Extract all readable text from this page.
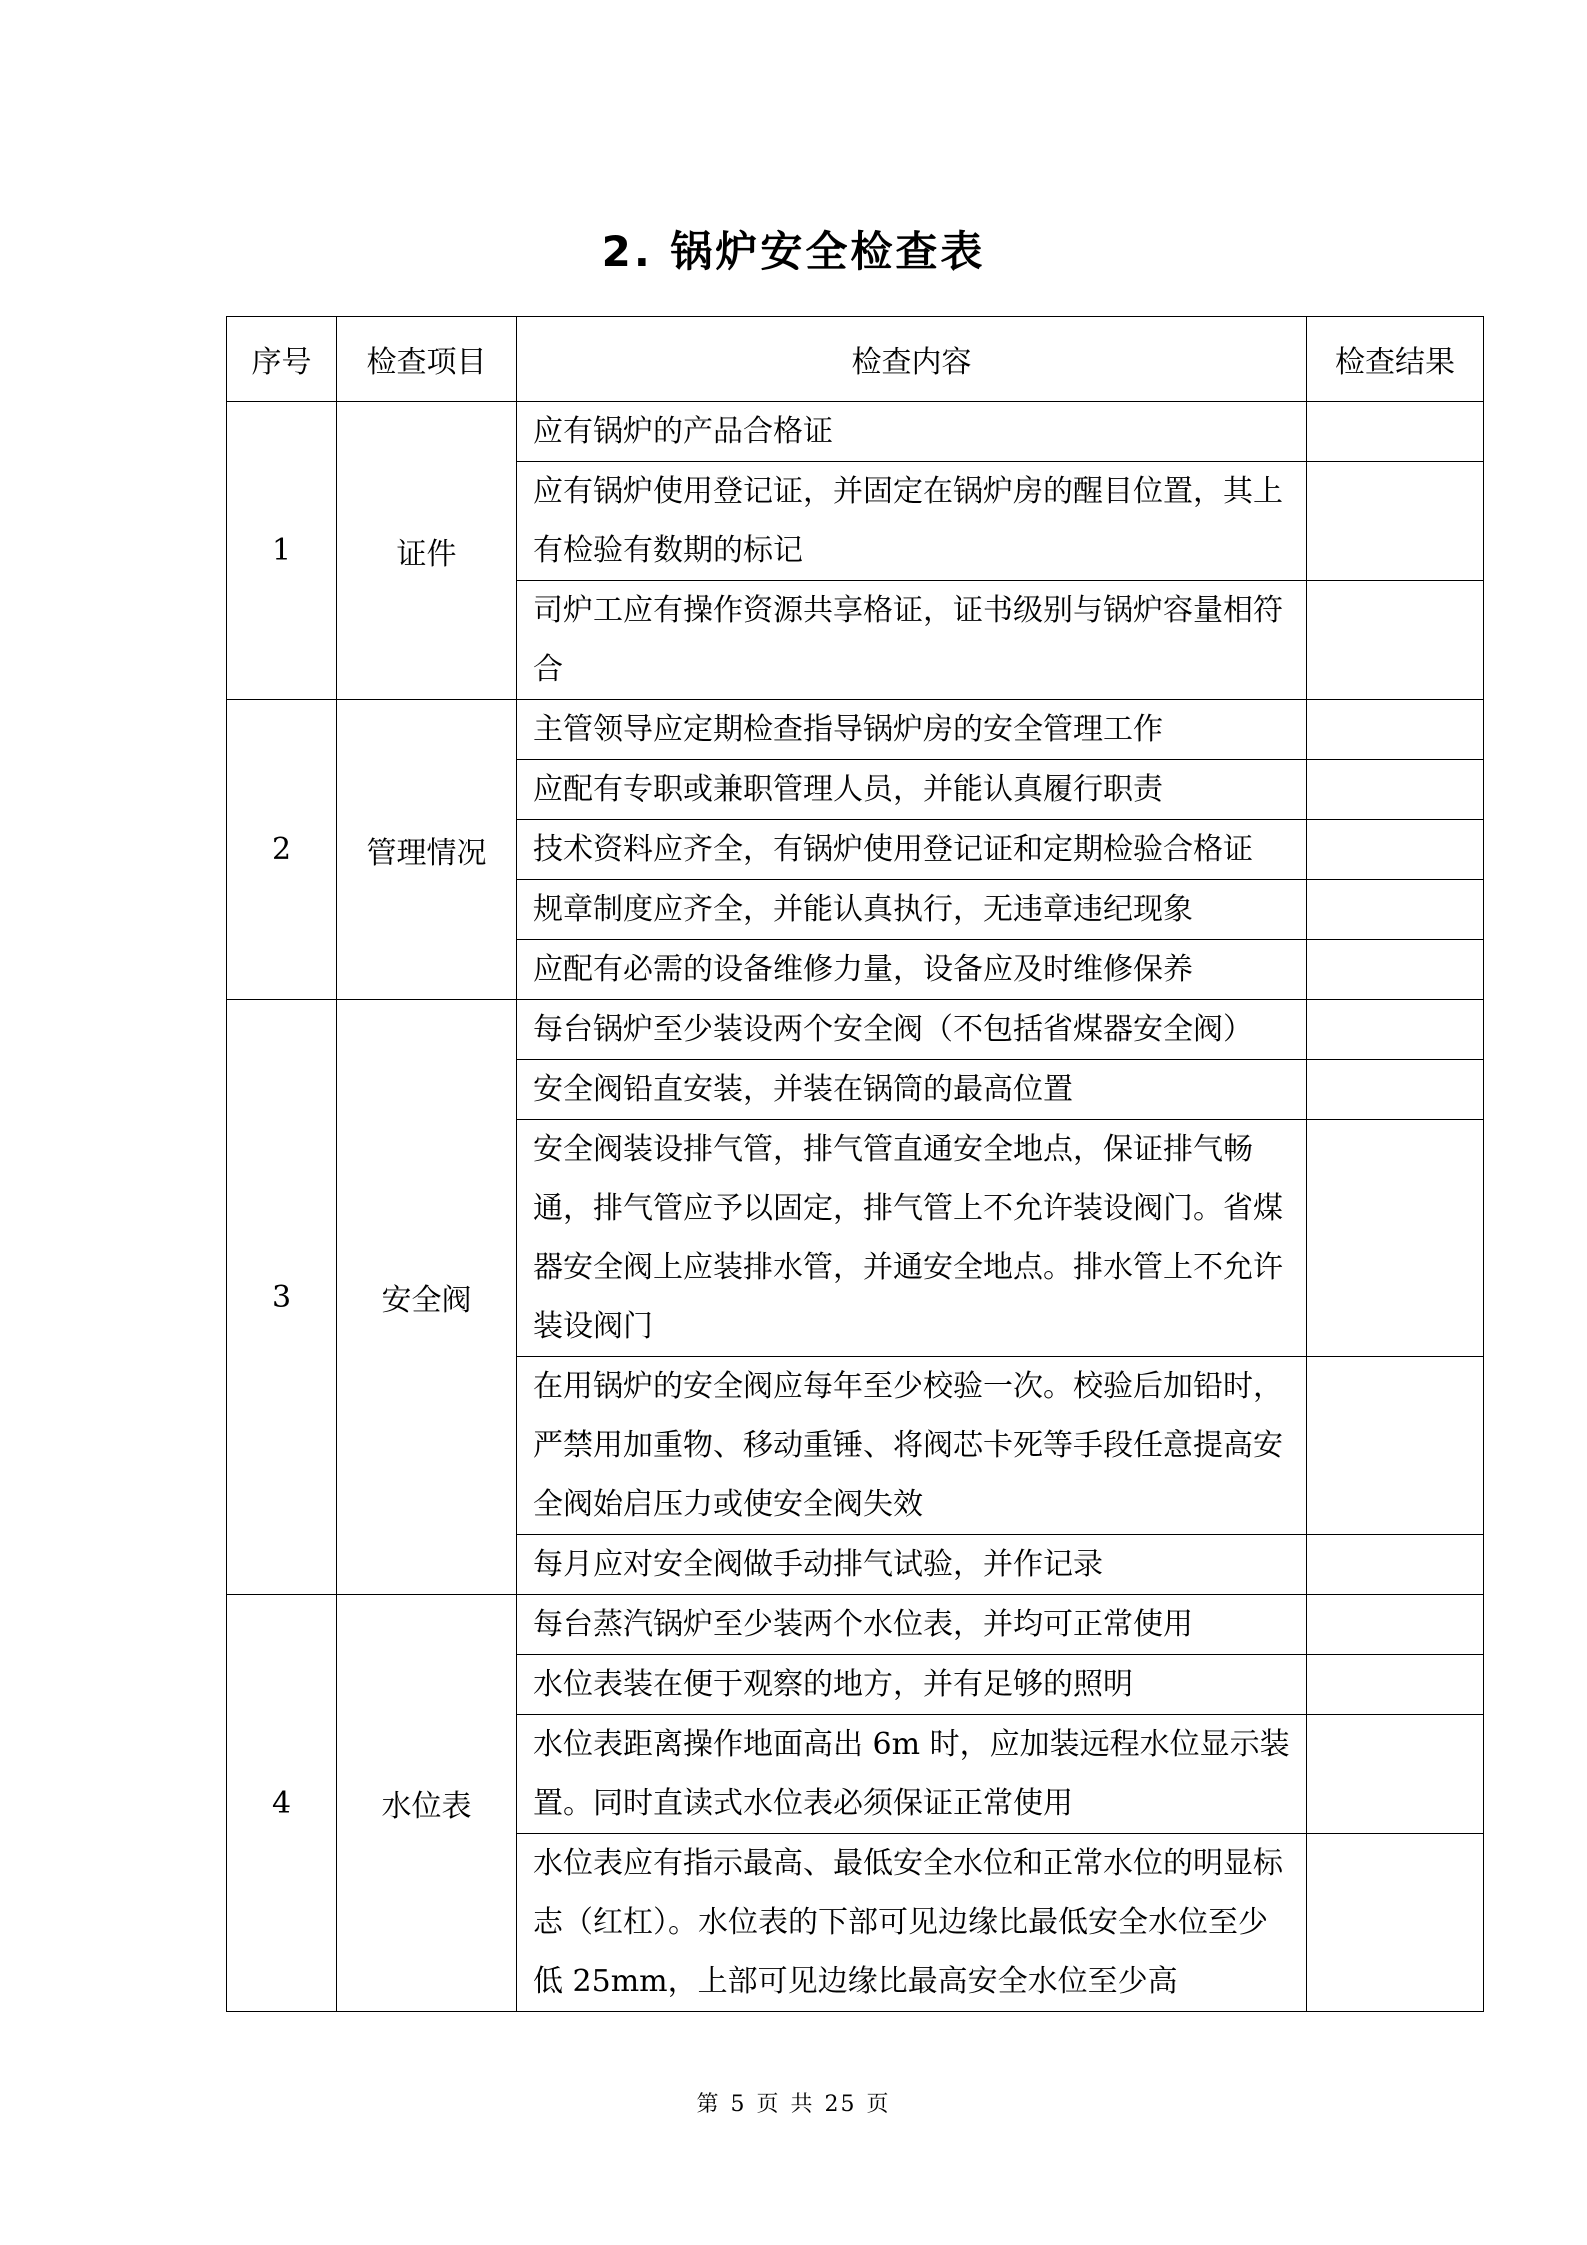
2. 锅炉安全检查表
序号	检查项目	检查内容	检查结果
1	证件	应有锅炉的产品合格证	
		应有锅炉使用登记证，并固定在锅炉房的醒目位置，其上有检验有数期的标记	
		司炉工应有操作资源共享格证，证书级别与锅炉容量相符合	
2	管理情况	主管领导应定期检查指导锅炉房的安全管理工作	
		应配有专职或兼职管理人员，并能认真履行职责	
		技术资料应齐全，有锅炉使用登记证和定期检验合格证	
		规章制度应齐全，并能认真执行，无违章违纪现象	
		应配有必需的设备维修力量，设备应及时维修保养	
3	安全阀	每台锅炉至少装设两个安全阀（不包括省煤器安全阀）	
		安全阀铅直安装，并装在锅筒的最高位置	
		安全阀装设排气管，排气管直通安全地点，保证排气畅通，排气管应予以固定，排气管上不允许装设阀门。省煤器安全阀上应装排水管，并通安全地点。排水管上不允许装设阀门	
		在用锅炉的安全阀应每年至少校验一次。校验后加铅时，严禁用加重物、移动重锤、将阀芯卡死等手段任意提高安全阀始启压力或使安全阀失效	
		每月应对安全阀做手动排气试验，并作记录	
4	水位表	每台蒸汽锅炉至少装两个水位表，并均可正常使用	
		水位表装在便于观察的地方，并有足够的照明	
		水位表距离操作地面高出 6m 时，应加装远程水位显示装置。同时直读式水位表必须保证正常使用	
		水位表应有指示最高、最低安全水位和正常水位的明显标志（红杠）。水位表的下部可见边缘比最低安全水位至少低 25mm，上部可见边缘比最高安全水位至少高	
第 5 页 共 25 页
